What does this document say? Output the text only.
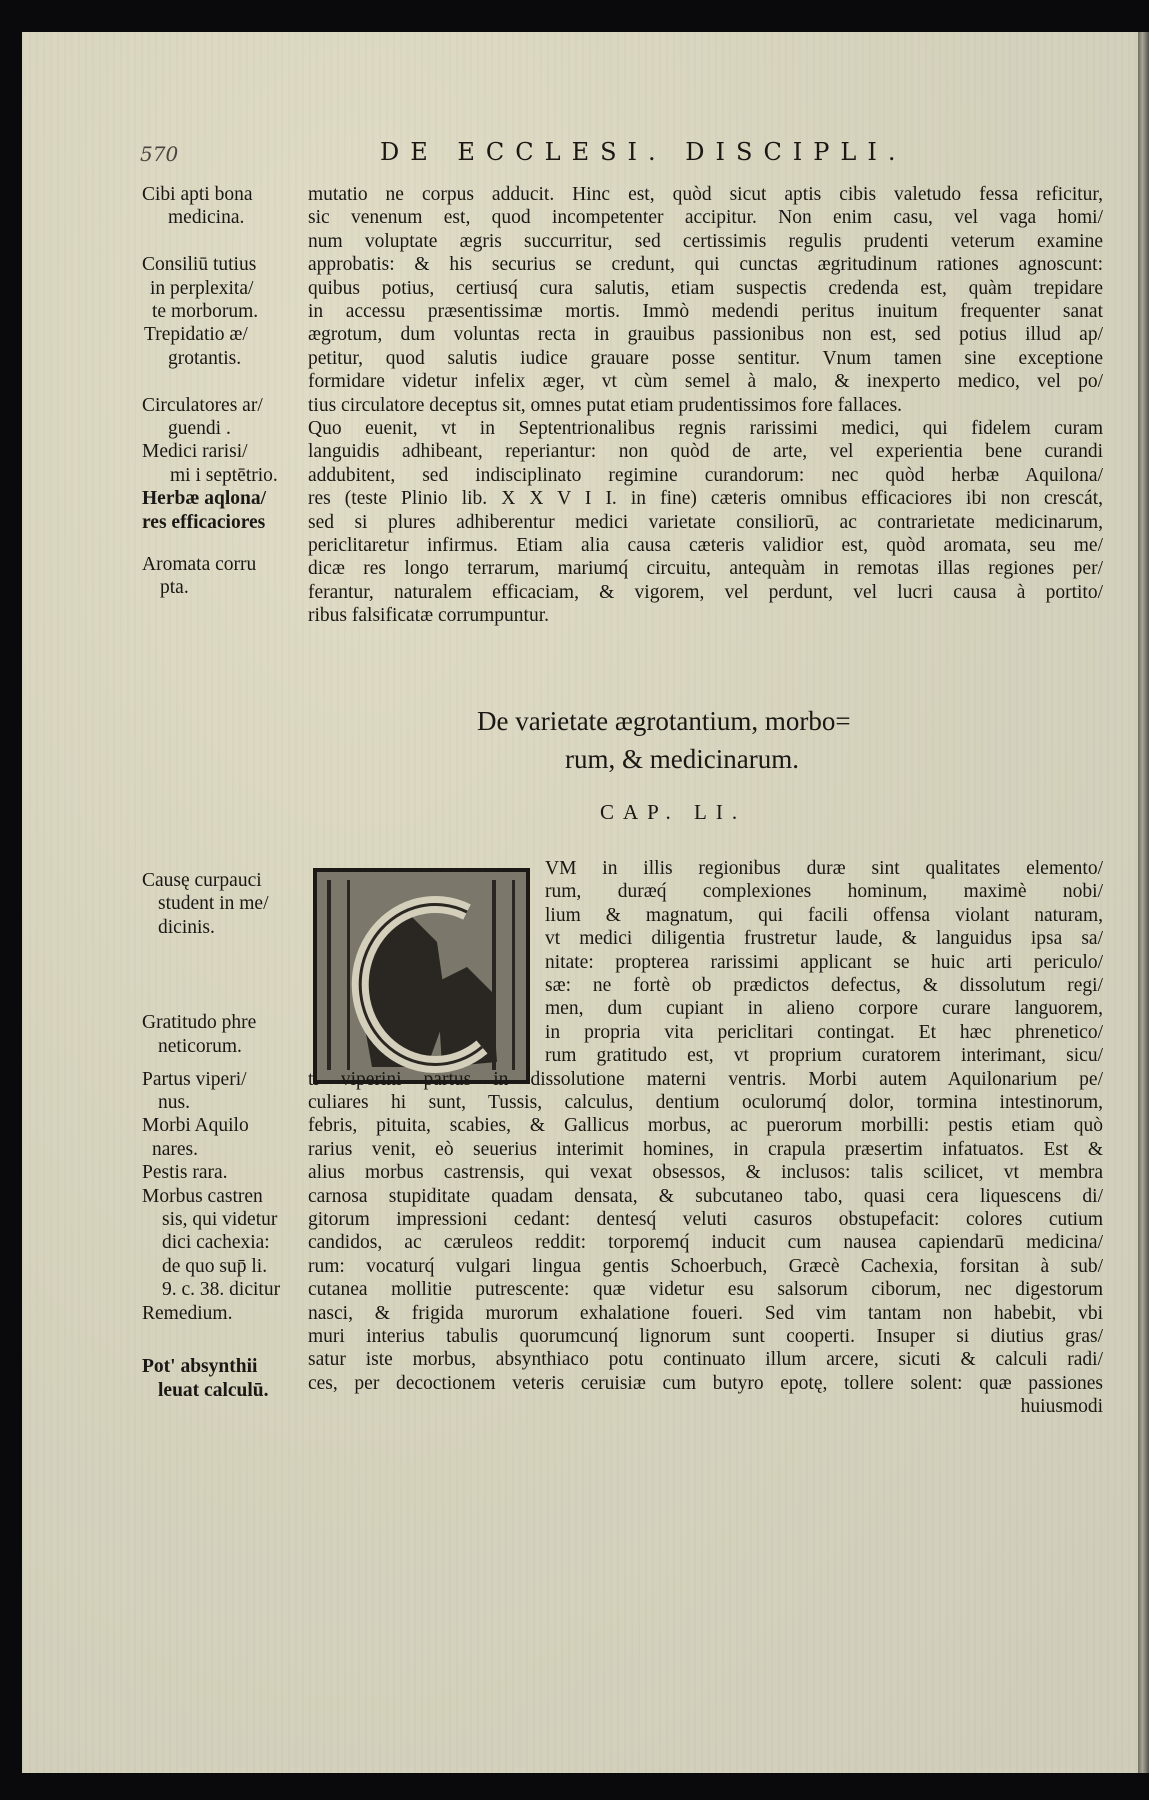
570	DE ECCLESI. DISCIPLI.
Cibi apti bona
medicina.
Consiliū tutius
in perplexita/
te morborum.
Trepidatio æ/
grotantis.
Circulatores ar/
guendi .
Medici rarisi/
mi i septētrio.
Herbæ aqlona/
res efficaciores
Aromata corru
pta.
mutatio ne corpus adducit. Hinc est, quòd sicut aptis cibis valetudo fessa reficitur,
sic venenum est, quod incompetenter accipitur. Non enim casu, vel vaga homi/
num voluptate ægris succurritur, sed certissimis regulis prudenti veterum examine
approbatis: & his securius se credunt, qui cunctas ægritudinum rationes agnoscunt:
quibus potius, certiusq́ cura salutis, etiam suspectis credenda est, quàm trepidare
in accessu præsentissimæ mortis. Immò medendi peritus inuitum frequenter sanat
ægrotum, dum voluntas recta in grauibus passionibus non est, sed potius illud ap/
petitur, quod salutis iudice grauare posse sentitur. Vnum tamen sine exceptione
formidare videtur infelix æger, vt cùm semel à malo, & inexperto medico, vel po/
tius circulatore deceptus sit, omnes putat etiam prudentissimos fore fallaces.
Quo euenit, vt in Septentrionalibus regnis rarissimi medici, qui fidelem curam
languidis adhibeant, reperiantur: non quòd de arte, vel experientia bene curandi
addubitent, sed indisciplinato regimine curandorum: nec quòd herbæ Aquilona/
res (teste Plinio lib. X X V I I. in fine) cæteris omnibus efficaciores ibi non crescát,
sed si plures adhiberentur medici varietate consiliorū, ac contrarietate medicinarum,
periclitaretur infirmus. Etiam alia causa cæteris validior est, quòd aromata, seu me/
dicæ res longo terrarum, mariumq́ circuitu, antequàm in remotas illas regiones per/
ferantur, naturalem efficaciam, & vigorem, vel perdunt, vel lucri causa à portito/
ribus falsificatæ corrumpuntur.
De varietate ægrotantium, morbo=
rum, & medicinarum.
CAP. LI.
Causę curpauci
student in me/
dicinis.
Gratitudo phre
neticorum.
Partus viperi/
nus.
Morbi Aquilo
nares.
Pestis rara.
Morbus castren
sis, qui videtur
dici cachexia:
de quo sup̄ li.
9. c. 38. dicitur
Remedium.
Pot' absynthii
leuat calculū.
VM in illis regionibus duræ sint qualitates elemento/
rum, duræq́ complexiones hominum, maximè nobi/
lium & magnatum, qui facili offensa violant naturam,
vt medici diligentia frustretur laude, & languidus ipsa sa/
nitate: propterea rarissimi applicant se huic arti periculo/
sæ: ne fortè ob prædictos defectus, & dissolutum regi/
men, dum cupiant in alieno corpore curare languorem,
in propria vita periclitari contingat. Et hæc phrenetico/
rum gratitudo est, vt proprium curatorem interimant, sicu/
ti viperini partus in dissolutione materni ventris. Morbi autem Aquilonarium pe/
culiares hi sunt, Tussis, calculus, dentium oculorumq́ dolor, tormina intestinorum,
febris, pituita, scabies, & Gallicus morbus, ac puerorum morbilli: pestis etiam quò
rarius venit, eò seuerius interimit homines, in crapula præsertim infatuatos. Est &
alius morbus castrensis, qui vexat obsessos, & inclusos: talis scilicet, vt membra
carnosa stupiditate quadam densata, & subcutaneo tabo, quasi cera liquescens di/
gitorum impressioni cedant: dentesq́ veluti casuros obstupefacit: colores cutium
candidos, ac cæruleos reddit: torporemq́ inducit cum nausea capiendarū medicina/
rum: vocaturq́ vulgari lingua gentis Schoerbuch, Græcè Cachexia, forsitan à sub/
cutanea mollitie putrescente: quæ videtur esu salsorum ciborum, nec digestorum
nasci, & frigida murorum exhalatione foueri. Sed vim tantam non habebit, vbi
muri interius tabulis quorumcunq́ lignorum sunt cooperti. Insuper si diutius gras/
satur iste morbus, absynthiaco potu continuato illum arcere, sicuti & calculi radi/
ces, per decoctionem veteris ceruisiæ cum butyro epotę, tollere solent: quæ passiones
huiusmodi
